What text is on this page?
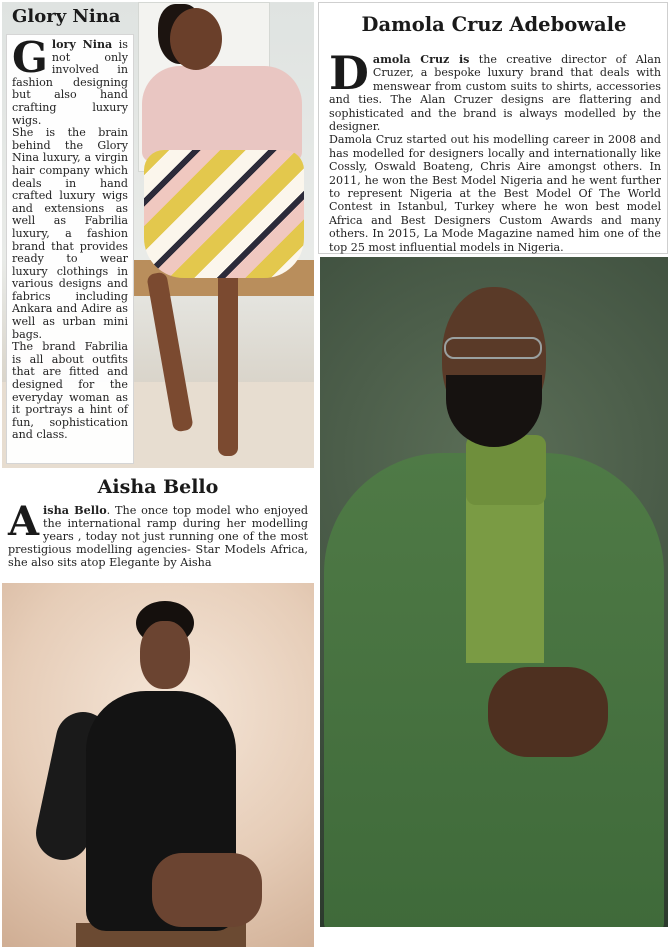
Glory Nina

Glory Nina is not only involved in fashion designing but also hand crafting luxury wigs.

She is the brain behind the Glory Nina luxury, a virgin hair company which deals in hand crafted luxury wigs and extensions as well as Fabrilia luxury, a fashion brand that provides ready to wear luxury clothings in various designs and fabrics including Ankara and Adire as well as urban mini bags.

The brand Fabrilia is all about outfits that are fitted and designed for the everyday woman as it portrays a hint of fun, sophistication and class.

Aisha Bello

Aisha Bello. The once top model who enjoyed the international ramp during her modelling years , today not just running one of the most prestigious modelling agencies- Star Models Africa, she also sits atop Elegante by Aisha

Damola Cruz Adebowale

Damola Cruz is the creative director of Alan Cruzer, a bespoke luxury brand that deals with menswear from custom suits to shirts, accessories and ties. The Alan Cruzer designs are flattering and sophisticated and the brand is always modelled by the designer.

Damola Cruz started out his modelling career in 2008 and has modelled for designers locally and internationally like Cossly, Oswald Boateng, Chris Aire amongst others. In 2011, he won the Best Model Nigeria and he went further to represent Nigeria at the Best Model Of The World Contest in Istanbul, Turkey where he won best model Africa and Best Designers Custom Awards and many others. In 2015, La Mode Magazine named him one of the top 25 most influential models in Nigeria.
